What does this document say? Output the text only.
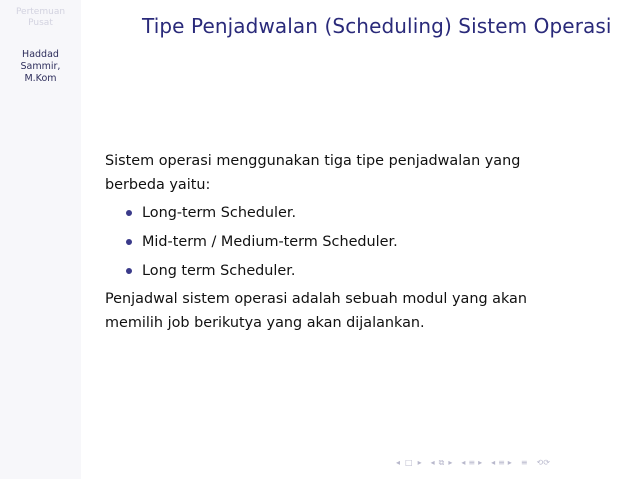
Pertemuan
Pusat
Haddad
Sammir,
M.Kom
Tipe Penjadwalan (Scheduling) Sistem Operasi

Sistem operasi menggunakan tiga tipe penjadwalan yang
berbeda yaitu:

Long-term Scheduler.
Mid-term / Medium-term Scheduler.
Long term Scheduler.

Penjadwal sistem operasi adalah sebuah modul yang akan
memilih job berikutya yang akan dijalankan.

◂ □ ▸ ◂ ⧉ ▸ ◂ ≡ ▸ ◂ ≡ ▸ ≡ ⟲⟳
